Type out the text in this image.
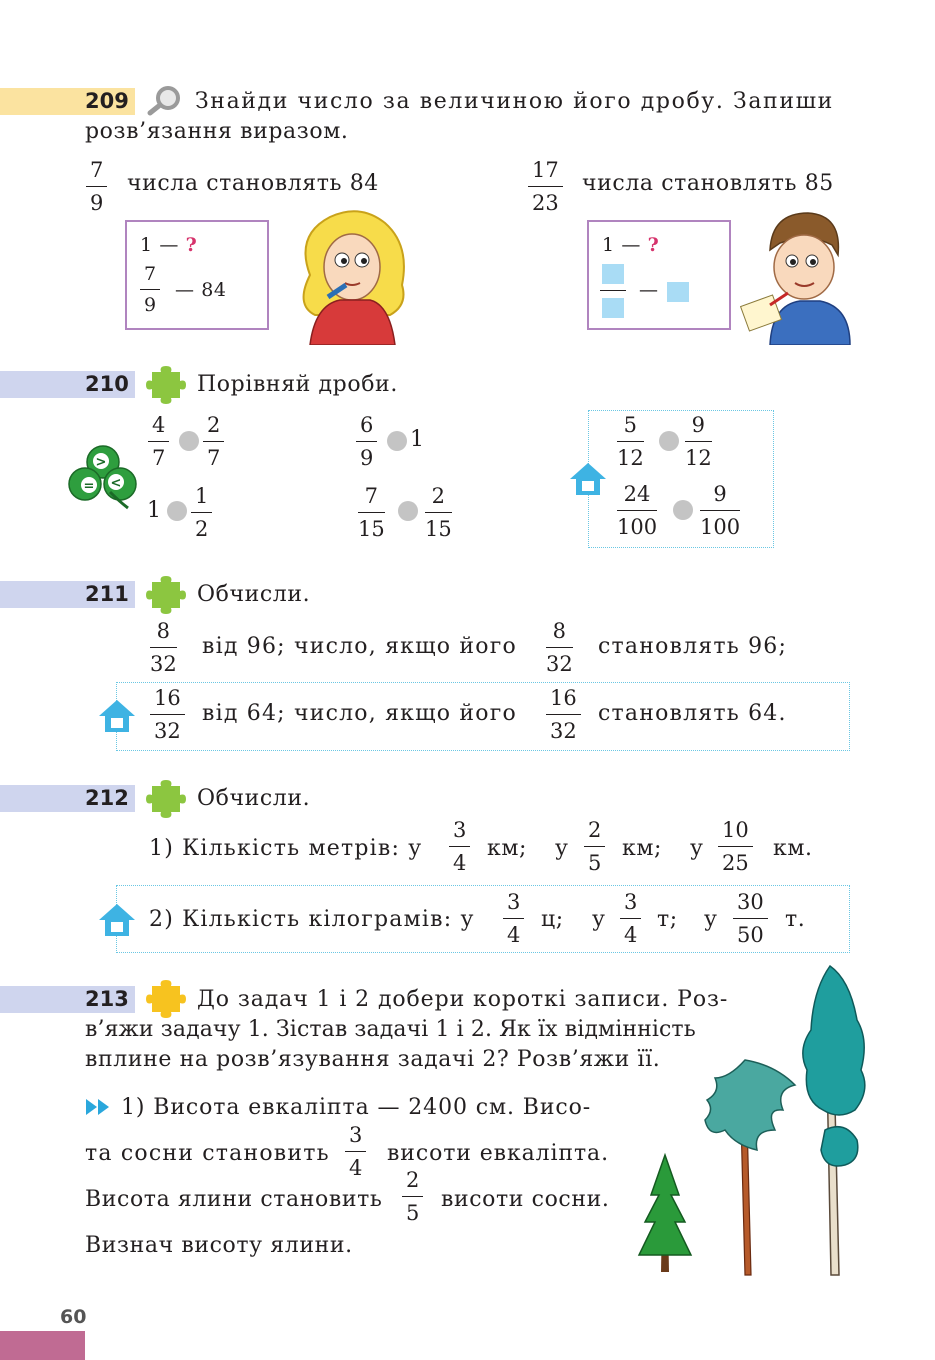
209	Знайди число за величиною його дробу. Запиши
розв’язання виразом.
$\frac{7}{9}$ числа становлять 84
1 — ?
$\frac{7}{9}$ — 84
$\frac{17}{23}$ числа становлять 85
1 — ?
—
210	Порівняй дроби.
>
= <
$\frac{4}{7} \frac{2}{7}$	$\frac{6}{9} 1$
$1 \frac{1}{2}$	$\frac{7}{15} \frac{2}{15}$
$\frac{5}{12} \frac{9}{12}$
$\frac{24}{100} \frac{9}{100}$
211	Обчисли.
$\frac{8}{32}$ від 96; число, якщо його $\frac{8}{32}$ становлять 96;
$\frac{16}{32}$ від 64; число, якщо його $\frac{16}{32}$ становлять 64.
212	Обчисли.
1) Кількість метрів: у $\frac{3}{4}$ км; у $\frac{2}{5}$ км; у $\frac{10}{25}$ км.
2) Кількість кілограмів: у $\frac{3}{4} ц$; у $\frac{3}{4} т$; у $\frac{30}{50} т$.
213	До задач 1 і 2 добери короткі записи. Роз-
в’яжи задачу 1. Зістав задачі 1 і 2. Як їх відмінність
вплине на розв’язування задачі 2? Розв’яжи її.
1) Висота евкаліпта — 2400 см. Висо-
та сосни становить $\frac{3}{4}$ висоти евкаліпта.
Висота ялини становить $\frac{2}{5}$ висоти сосни.
Визнач висоту ялини.
60
